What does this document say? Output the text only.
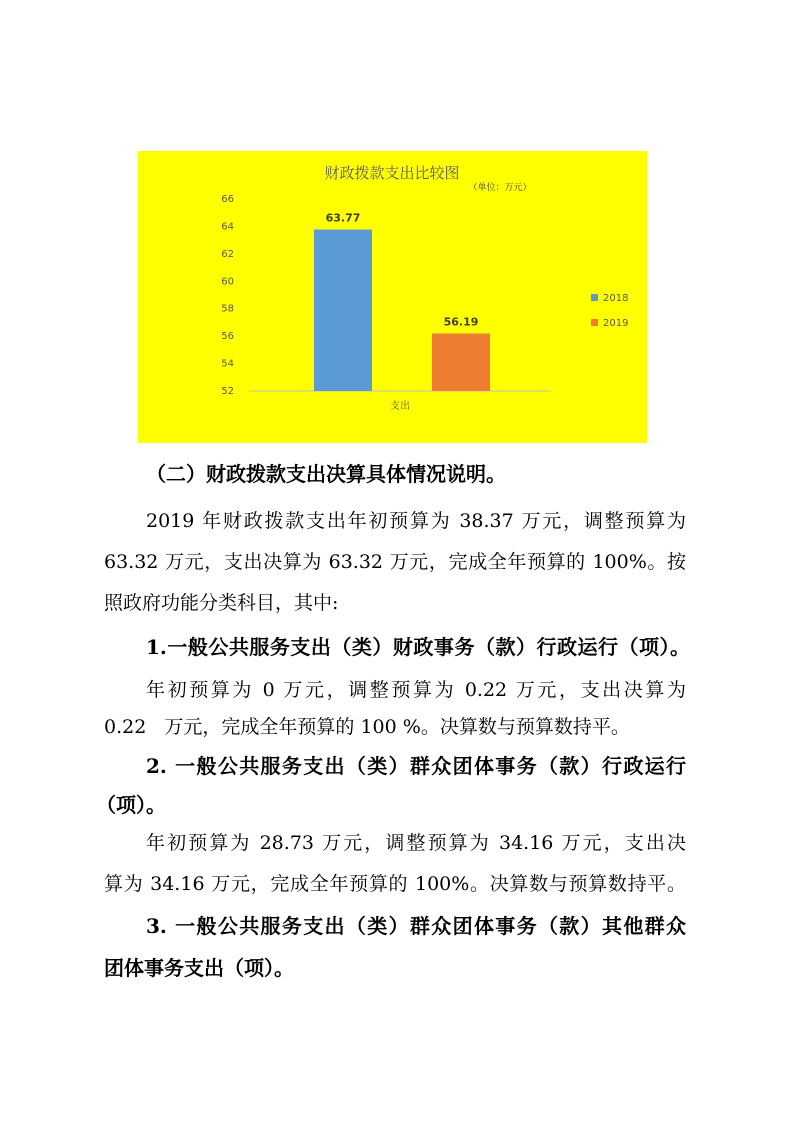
财政拨款支出比较图
（单位：万元）
52
54
56
58
60
62
64
66
63.77
56.19
支出
2018
2019
（二）财政拨款支出决算具体情况说明。
2019 年财政拨款支出年初预算为 38.37 万元，调整预算为
63.32 万元，支出决算为 63.32 万元，完成全年预算的 100%。按
照政府功能分类科目，其中:
1.一般公共服务支出（类）财政事务（款）行政运行（项）。
年初预算为 0 万元，调整预算为 0.22 万元，支出决算为
0.22   万元，完成全年预算的 100 %。决算数与预算数持平。
2. 一般公共服务支出（类）群众团体事务（款）行政运行
（项）。
年初预算为 28.73 万元，调整预算为 34.16 万元，支出决
算为 34.16 万元，完成全年预算的 100%。决算数与预算数持平。
3. 一般公共服务支出（类）群众团体事务（款）其他群众
团体事务支出（项）。
